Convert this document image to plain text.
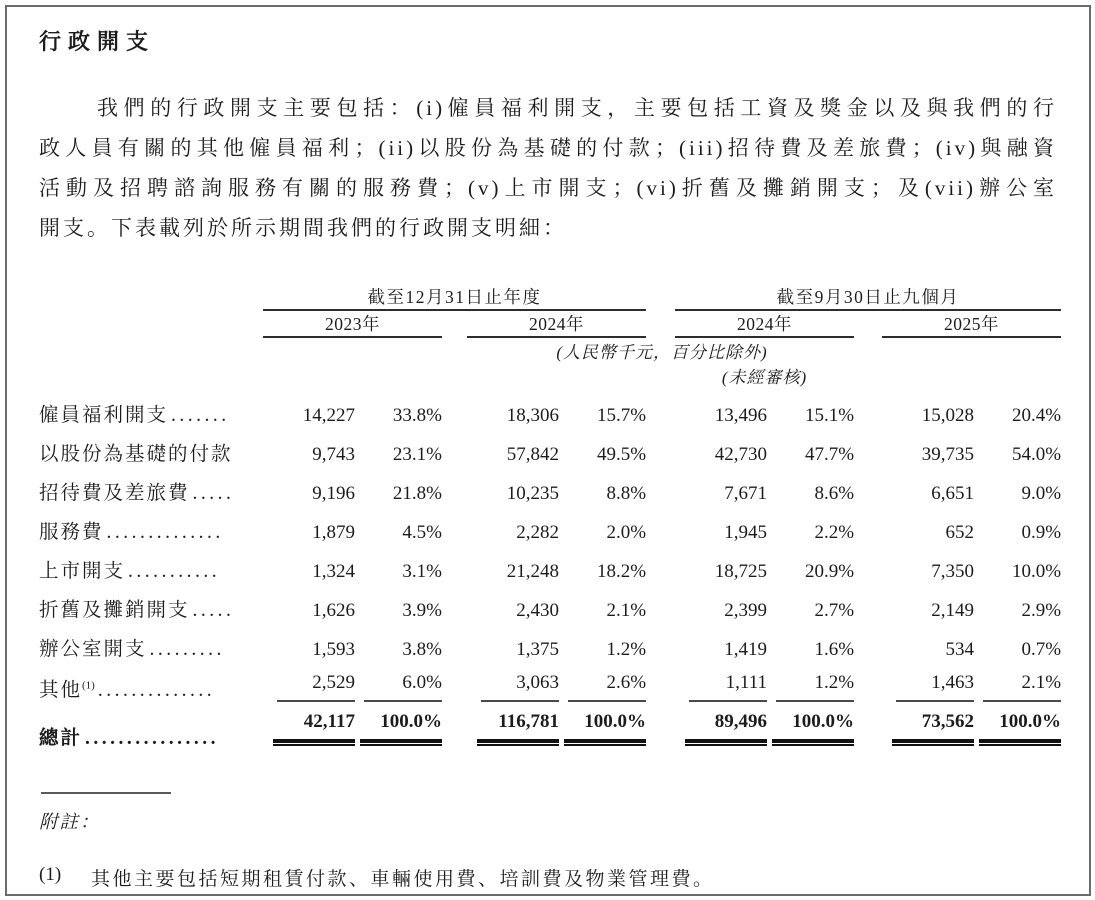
行政開支
我們的行政開支主要包括：(i)僱員福利開支，主要包括工資及獎金以及與我們的行
政人員有關的其他僱員福利；(ii)以股份為基礎的付款；(iii)招待費及差旅費；(iv)與融資
活動及招聘諮詢服務有關的服務費；(v)上市開支；(vi)折舊及攤銷開支；及(vii)辦公室
開支。下表載列於所示期間我們的行政開支明細：
	截至12月31日止年度						截至9月30日止九個月				
	2023年			2024年			2024年			2025年	
	(人民幣千元，百分比除外)										
							(未經審核)				
僱員福利開支 .......	14,227	33.8%		18,306	15.7%		13,496	15.1%		15,028	20.4%
以股份為基礎的付款	9,743	23.1%		57,842	49.5%		42,730	47.7%		39,735	54.0%
招待費及差旅費 .....	9,196	21.8%		10,235	8.8%		7,671	8.6%		6,651	9.0%
服務費 ..............	1,879	4.5%		2,282	2.0%		1,945	2.2%		652	0.9%
上市開支 ...........	1,324	3.1%		21,248	18.2%		18,725	20.9%		7,350	10.0%
折舊及攤銷開支 .....	1,626	3.9%		2,430	2.1%		2,399	2.7%		2,149	2.9%
辦公室開支 .........	1,593	3.8%		1,375	1.2%		1,419	1.6%		534	0.7%
其他$^{(1)}$ ..............	2,529	6.0%		3,063	2.6%		1,111	1.2%		1,463	2.1%
總計 ................	42,117	100.0%		116,781	100.0%		89,496	100.0%		73,562	100.0%
附註：
(1)	其他主要包括短期租賃付款、車輛使用費、培訓費及物業管理費。
